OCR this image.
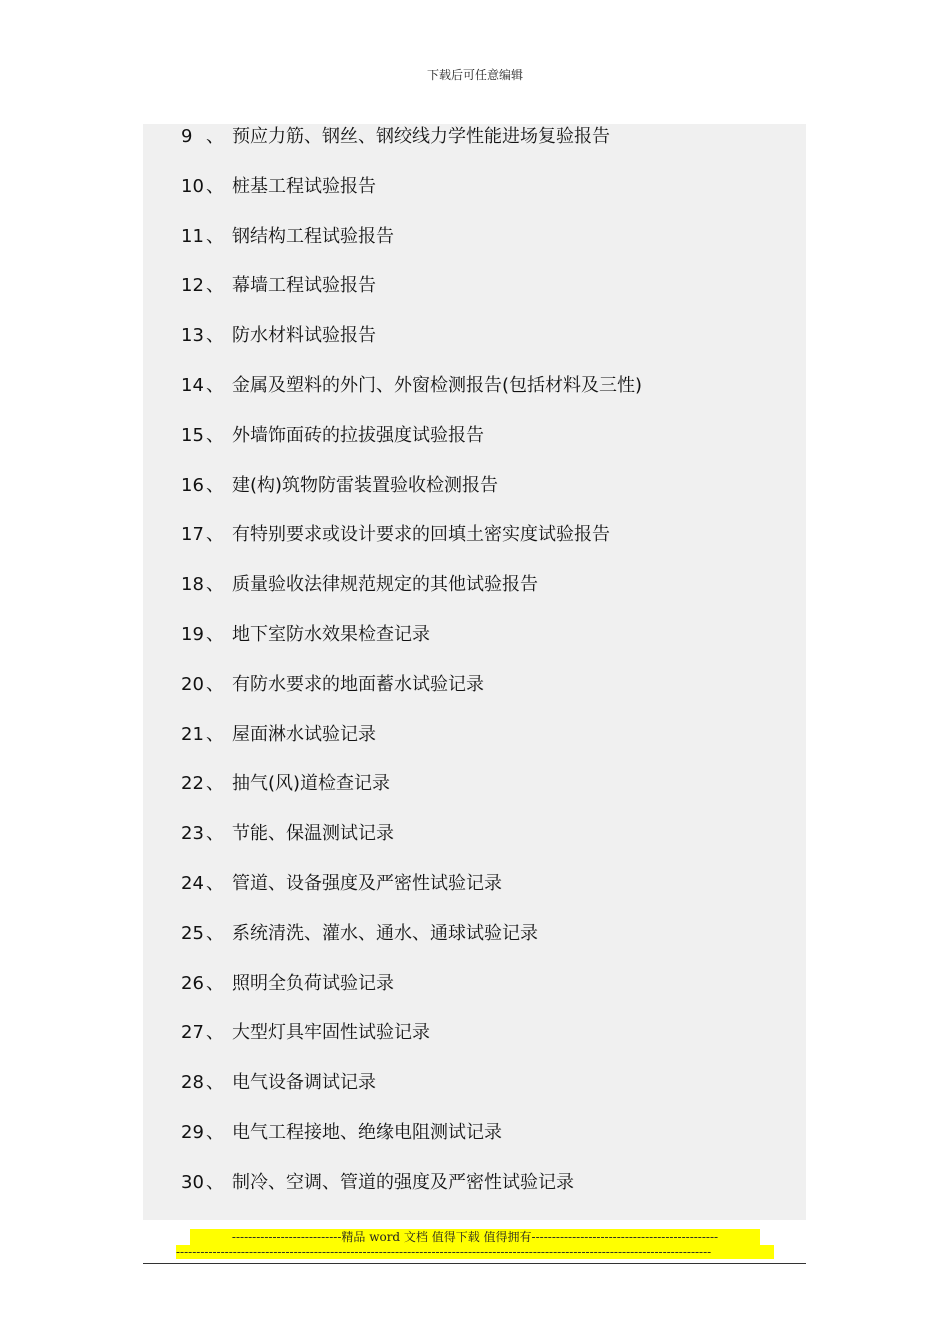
下载后可任意编辑
9 、 预应力筋、钢丝、钢绞线力学性能进场复验报告
10 、 桩基工程试验报告
11 、 钢结构工程试验报告
12 、 幕墙工程试验报告
13 、 防水材料试验报告
14 、 金属及塑料的外门、外窗检测报告(包括材料及三性)
15 、 外墙饰面砖的拉拔强度试验报告
16 、 建(构)筑物防雷装置验收检测报告
17 、 有特别要求或设计要求的回填土密实度试验报告
18 、 质量验收法律规范规定的其他试验报告
19 、 地下室防水效果检查记录
20 、 有防水要求的地面蓄水试验记录
21 、 屋面淋水试验记录
22 、 抽气(风)道检查记录
23 、 节能、保温测试记录
24 、 管道、设备强度及严密性试验记录
25 、 系统清洗、灌水、通水、通球试验记录
26 、 照明全负荷试验记录
27 、 大型灯具牢固性试验记录
28 、 电气设备调试记录
29 、 电气工程接地、绝缘电阻测试记录
30 、 制冷、空调、管道的强度及严密性试验记录
---------------------------精品 word 文档 值得下载 值得拥有----------------------------------------------
------------------------------------------------------------------------------------------------------------------------------------
